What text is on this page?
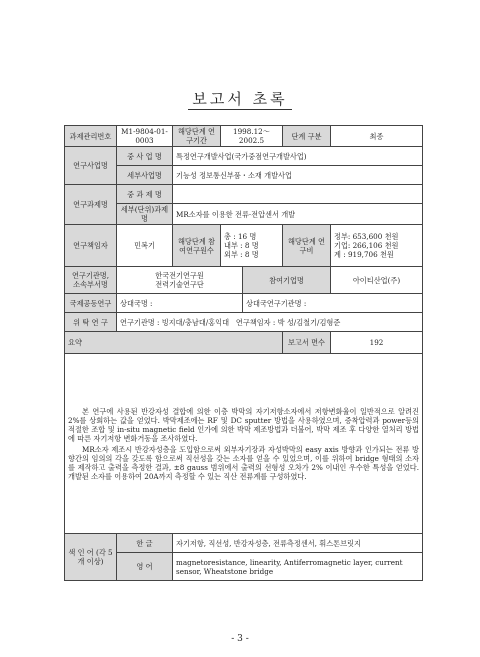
보고서 초록
과제관리번호	M1-9804-01-0003	해당단계 연구기간	1998.12～2002.5		단계 구분	최종
연구사업명	중 사 업 명	특정연구개발사업(국가중점연구개발사업)				
	세부사업명	기능성 정보통신부품・소재 개발사업				
연구과제명	중 과 제 명					
	세부(단위)과제명	MR소자를 이용한 전류·전압센서 개발				
연구책임자	민복기	해당단계 참여연구원수	총 : 16 명
내부 : 8 명
외부 : 8 명		해당단계 연구비	정부: 653,600 천원
기업: 266,106 천원
계 : 919,706 천원

연구기관명, 소속부서명	한국전기연구원
전력기술연구단			참여기업명		아이티산업(주)
국제공동연구	상대국명 :			상대국연구기관명 :		
위 탁 연 구	연구기관명 : 빙지대/충남대/홍익대 연구책임자 : 박 성/김철기/김형준					
요약					보고서 면수	192

본 연구에 사용된 반강자성 결합에 의한 이층 박막의 자기저항소자에서 저항변화율이 일반적으로 알려진 2%를 상회하는 값을 얻었다. 박막제조에는 RF 및 DC sputter 방법을 사용하였으며, 증착압력과 power등의 적절한 조합 및 in-situ magnetic field 인가에 의한 박막 제조방법과 더불어, 박막 제조 후 다양한 열처리 방법에 따른 자기저항 변화거동을 조사하였다.

MR소자 제조시 반강자성층을 도입함으로써 외부자기장과 자성박막의 easy axis 방향과 인가되는 전류 방향간의 임의의 각을 갖도록 함으로써 직선성을 갖는 소자를 얻을 수 있었으며, 이를 위하여 bridge 형태의 소자를 제작하고 출력을 측정한 결과, ±8 gauss 범위에서 출력의 선형성 오차가 2% 이내인 우수한 특성을 얻었다. 개발된 소자를 이용하여 20A까지 측정할 수 있는 직산 전류계를 구성하였다.						

색 인 어 (각 5개 이상)	한 글	자기저항, 직선성, 반강자성층, 전류측정센서, 휘스톤브릿지				
	영 어	magnetoresistance, linearity, Antiferromagnetic layer, current sensor, Wheatstone bridge				
- 3 -
